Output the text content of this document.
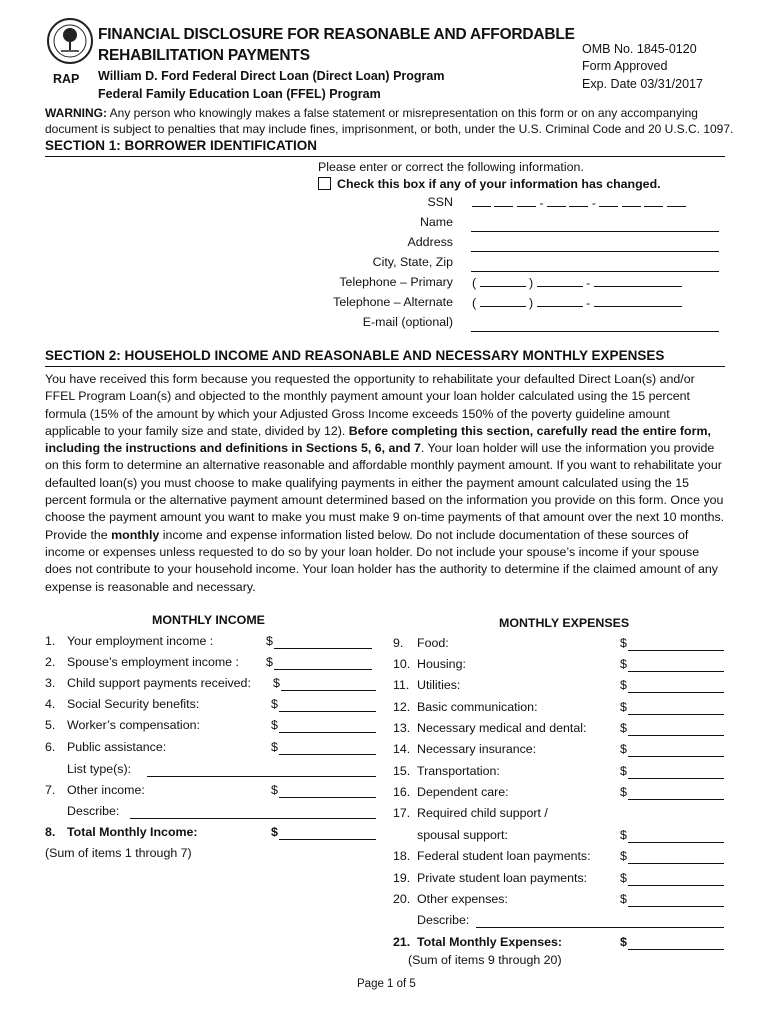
RAP
FINANCIAL DISCLOSURE FOR REASONABLE AND AFFORDABLE
REHABILITATION PAYMENTS
William D. Ford Federal Direct Loan (Direct Loan) Program
Federal Family Education Loan (FFEL) Program
OMB No. 1845-0120
Form Approved
Exp. Date 03/31/2017
WARNING: Any person who knowingly makes a false statement or misrepresentation on this form or on any accompanying
document is subject to penalties that may include fines, imprisonment, or both, under the U.S. Criminal Code and 20 U.S.C. 1097.
SECTION 1: BORROWER IDENTIFICATION
Please enter or correct the following information.
Check this box if any of your information has changed.
SSN	-	-
Name
Address
City, State, Zip
Telephone – Primary (	)	-
Telephone – Alternate (	)	-
E-mail (optional)
SECTION 2: HOUSEHOLD INCOME AND REASONABLE AND NECESSARY MONTHLY EXPENSES

You have received this form because you requested the opportunity to rehabilitate your defaulted Direct Loan(s) and/or FFEL Program Loan(s) and objected to the monthly payment amount your loan holder calculated using the 15 percent formula (15% of the amount by which your Adjusted Gross Income exceeds 150% of the poverty guideline amount applicable to your family size and state, divided by 12). Before completing this section, carefully read the entire form, including the instructions and definitions in Sections 5, 6, and 7. Your loan holder will use the information you provide on this form to determine an alternative reasonable and affordable monthly payment amount. If you want to rehabilitate your defaulted loan(s) you must choose to make qualifying payments in either the payment amount calculated using the 15 percent formula or the alternative payment amount determined based on the information you provide on this form. Once you choose the payment amount you want to make you must make 9 on-time payments of that amount over the next 10 months.

Provide the monthly income and expense information listed below. Do not include documentation of these sources of income or expenses unless requested to do so by your loan holder. Do not include your spouse’s income if your spouse does not contribute to your household income. Your loan holder has the authority to determine if the claimed amount of any expense is reasonable and necessary.

MONTHLY INCOME
1. Your employment income :	$
2. Spouse’s employment income : $
3. Child support payments received: $
4. Social Security benefits:	$
5. Worker’s compensation:	$
6. Public assistance:	$
List type(s):
7. Other income:	$
Describe:
8. Total Monthly Income:	$
(Sum of items 1 through 7)
MONTHLY EXPENSES
9. Food:	$
10. Housing:	$
11. Utilities:	$
12. Basic communication:	$
13. Necessary medical and dental:	$
14. Necessary insurance:	$
15. Transportation:	$
16. Dependent care:	$
17. Required child support /
spousal support:	$
18. Federal student loan payments: $
19. Private student loan payments:	$
20. Other expenses:	$
Describe:
21. Total Monthly Expenses:	$
(Sum of items 9 through 20)
Page 1 of 5
